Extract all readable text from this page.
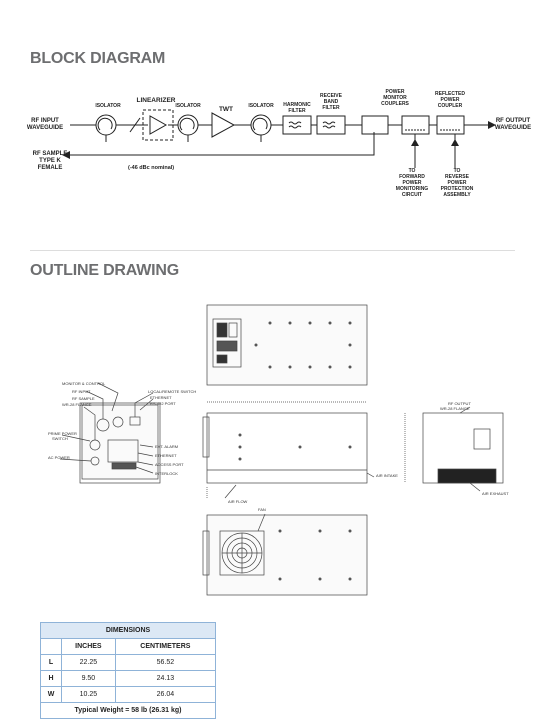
BLOCK DIAGRAM
RF INPUT WAVEGUIDE
RF OUTPUT WAVEGUIDE
RF SAMPLE TYPE K FEMALE	(-46 dBc nominal)
ISOLATOR
LINEARIZER
ISOLATOR	TWT	ISOLATOR HARMONIC FILTER
RECEIVE BAND FILTER
POWER MONITOR COUPLERS
REFLECTED POWER COUPLER
TO FORWARD POWER MONITORING CIRCUIT
TO REVERSE POWER PROTECTION ASSEMBLY
OUTLINE DRAWING
MONITOR & CONTROL
RF INPUT
RF SAMPLE
WR-28 FLANGE
PRIME POWER
SWITCH
AC POWER
LOCAL/REMOTE SWITCH
ETHERNET
RS-422 PORT
EXT. ALARM
ETHERNET
ACCESS PORT
INTERLOCK
RF OUTPUT WR-28 FLANGE
AIR EXHAUST
AIR INTAKE
AIR FLOW
FAN
DIMENSIONS		
	INCHES	CENTIMETERS
L	22.25	56.52
H	9.50	24.13
W	10.25	26.04
Typical Weight = 58 lb (26.31 kg)		
